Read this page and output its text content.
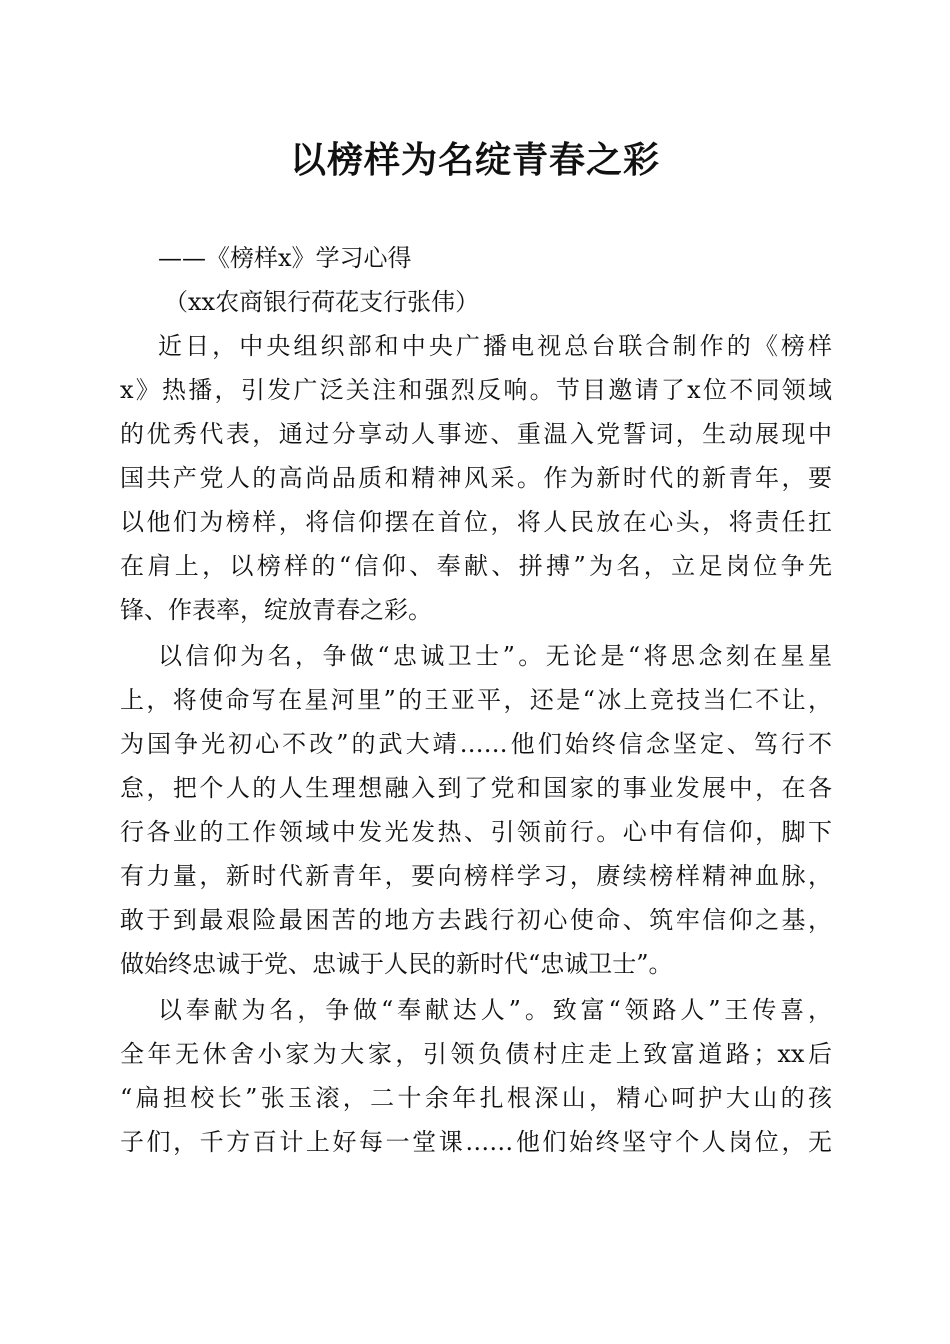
以榜样为名绽青春之彩

——《榜样x》学习心得

（xx农商银行荷花支行张伟）

近日，中央组织部和中央广播电视总台联合制作的《榜样

x》热播，引发广泛关注和强烈反响。节目邀请了x位不同领域

的优秀代表，通过分享动人事迹、重温入党誓词，生动展现中

国共产党人的高尚品质和精神风采。作为新时代的新青年，要

以他们为榜样，将信仰摆在首位，将人民放在心头，将责任扛

在肩上，以榜样的“信仰、奉献、拼搏”为名，立足岗位争先

锋、作表率，绽放青春之彩。

以信仰为名，争做“忠诚卫士”。无论是“将思念刻在星星

上，将使命写在星河里”的王亚平，还是“冰上竞技当仁不让，

为国争光初心不改”的武大靖……他们始终信念坚定、笃行不

怠，把个人的人生理想融入到了党和国家的事业发展中，在各

行各业的工作领域中发光发热、引领前行。心中有信仰，脚下

有力量，新时代新青年，要向榜样学习，赓续榜样精神血脉，

敢于到最艰险最困苦的地方去践行初心使命、筑牢信仰之基，

做始终忠诚于党、忠诚于人民的新时代“忠诚卫士”。

以奉献为名，争做“奉献达人”。致富“领路人”王传喜，

全年无休舍小家为大家，引领负债村庄走上致富道路；xx后

“扁担校长”张玉滚，二十余年扎根深山，精心呵护大山的孩

子们，千方百计上好每一堂课……他们始终坚守个人岗位，无
